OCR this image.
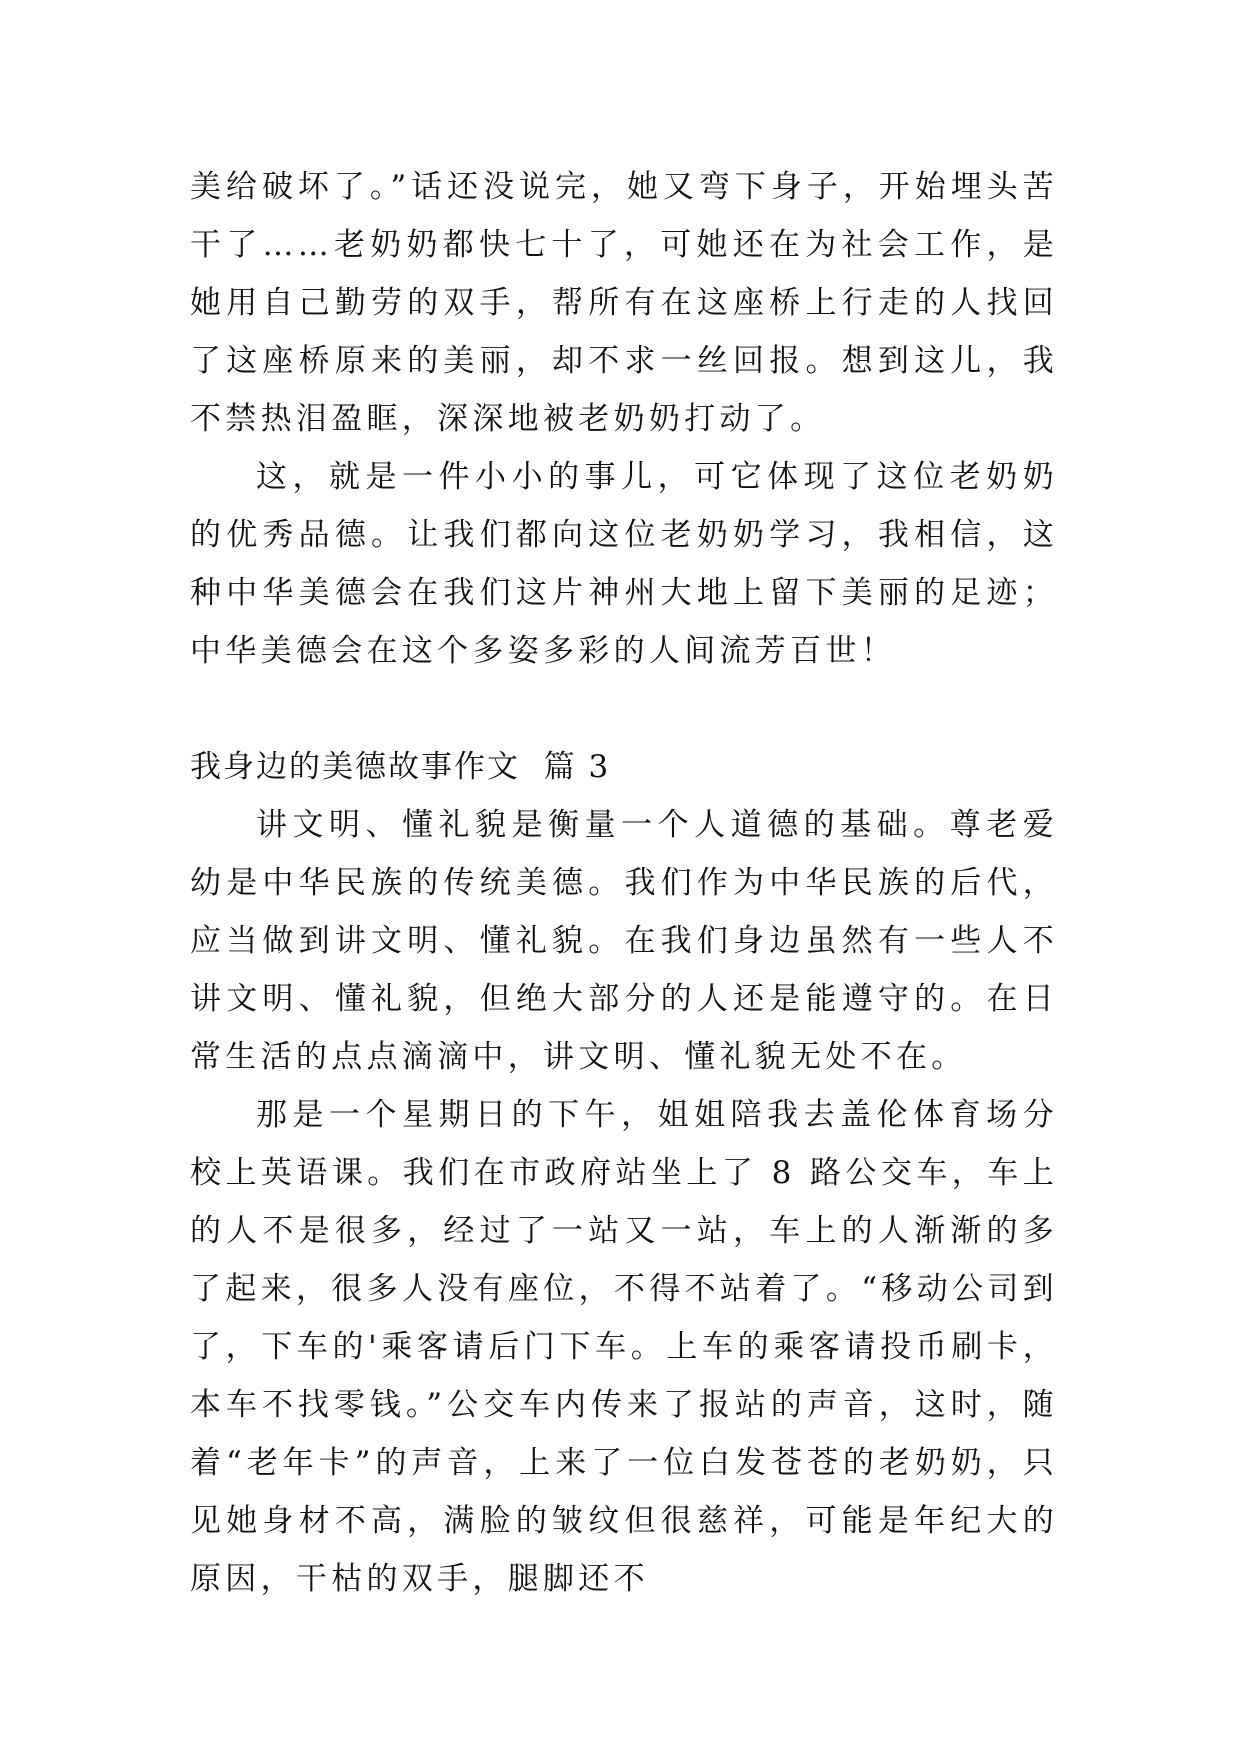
美给破坏了。”话还没说完，她又弯下身子，开始埋头苦干了……老奶奶都快七十了，可她还在为社会工作，是她用自己勤劳的双手，帮所有在这座桥上行走的人找回了这座桥原来的美丽，却不求一丝回报。想到这儿，我不禁热泪盈眶，深深地被老奶奶打动了。

这，就是一件小小的事儿，可它体现了这位老奶奶的优秀品德。让我们都向这位老奶奶学习，我相信，这种中华美德会在我们这片神州大地上留下美丽的足迹；中华美德会在这个多姿多彩的人间流芳百世！

我身边的美德故事作文  篇 3

讲文明、懂礼貌是衡量一个人道德的基础。尊老爱幼是中华民族的传统美德。我们作为中华民族的后代，应当做到讲文明、懂礼貌。在我们身边虽然有一些人不讲文明、懂礼貌，但绝大部分的人还是能遵守的。在日常生活的点点滴滴中，讲文明、懂礼貌无处不在。

那是一个星期日的下午，姐姐陪我去盖伦体育场分校上英语课。我们在市政府站坐上了 8 路公交车，车上的人不是很多，经过了一站又一站，车上的人渐渐的多了起来，很多人没有座位，不得不站着了。“移动公司到了，下车的'乘客请后门下车。上车的乘客请投币刷卡，本车不找零钱。”公交车内传来了报站的声音，这时，随着“老年卡”的声音，上来了一位白发苍苍的老奶奶，只见她身材不高，满脸的皱纹但很慈祥，可能是年纪大的原因，干枯的双手，腿脚还不
